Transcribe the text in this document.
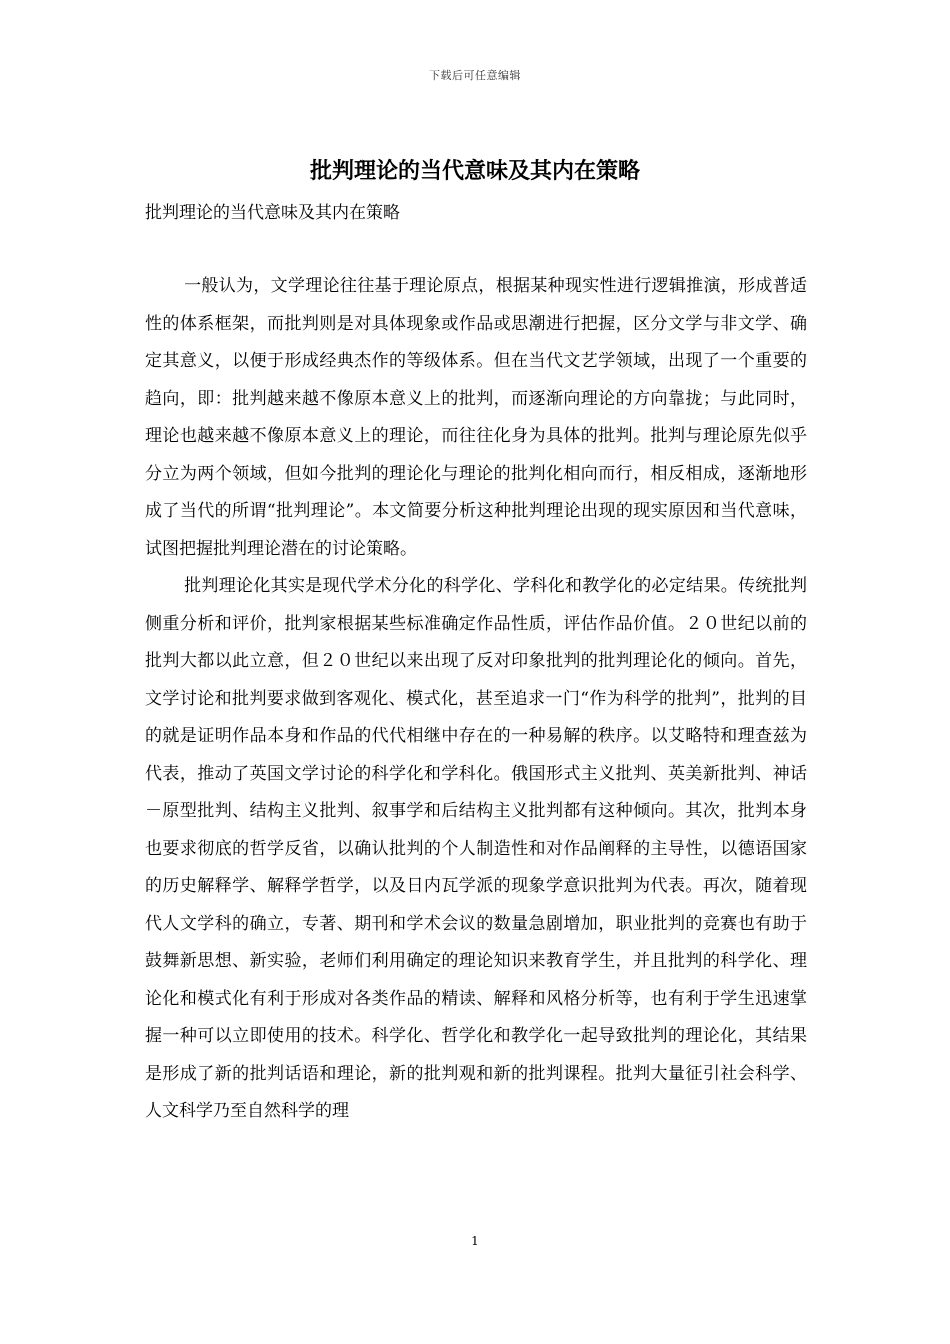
下载后可任意编辑
批判理论的当代意味及其内在策略
批判理论的当代意味及其内在策略

一般认为，文学理论往往基于理论原点，根据某种现实性进行逻辑推演，形成普适性的体系框架，而批判则是对具体现象或作品或思潮进行把握，区分文学与非文学、确定其意义，以便于形成经典杰作的等级体系。但在当代文艺学领域，出现了一个重要的趋向，即：批判越来越不像原本意义上的批判，而逐渐向理论的方向靠拢；与此同时，理论也越来越不像原本意义上的理论，而往往化身为具体的批判。批判与理论原先似乎分立为两个领域，但如今批判的理论化与理论的批判化相向而行，相反相成，逐渐地形成了当代的所谓“批判理论”。本文简要分析这种批判理论出现的现实原因和当代意味，试图把握批判理论潜在的讨论策略。

批判理论化其实是现代学术分化的科学化、学科化和教学化的必定结果。传统批判侧重分析和评价，批判家根据某些标准确定作品性质，评估作品价值。２０世纪以前的批判大都以此立意，但２０世纪以来出现了反对印象批判的批判理论化的倾向。首先，文学讨论和批判要求做到客观化、模式化，甚至追求一门“作为科学的批判”，批判的目的就是证明作品本身和作品的代代相继中存在的一种易解的秩序。以艾略特和理查兹为代表，推动了英国文学讨论的科学化和学科化。俄国形式主义批判、英美新批判、神话－原型批判、结构主义批判、叙事学和后结构主义批判都有这种倾向。其次，批判本身也要求彻底的哲学反省，以确认批判的个人制造性和对作品阐释的主导性，以德语国家的历史解释学、解释学哲学，以及日内瓦学派的现象学意识批判为代表。再次，随着现代人文学科的确立，专著、期刊和学术会议的数量急剧增加，职业批判的竞赛也有助于鼓舞新思想、新实验，老师们利用确定的理论知识来教育学生，并且批判的科学化、理论化和模式化有利于形成对各类作品的精读、解释和风格分析等，也有利于学生迅速掌握一种可以立即使用的技术。科学化、哲学化和教学化一起导致批判的理论化，其结果是形成了新的批判话语和理论，新的批判观和新的批判课程。批判大量征引社会科学、人文科学乃至自然科学的理

1
